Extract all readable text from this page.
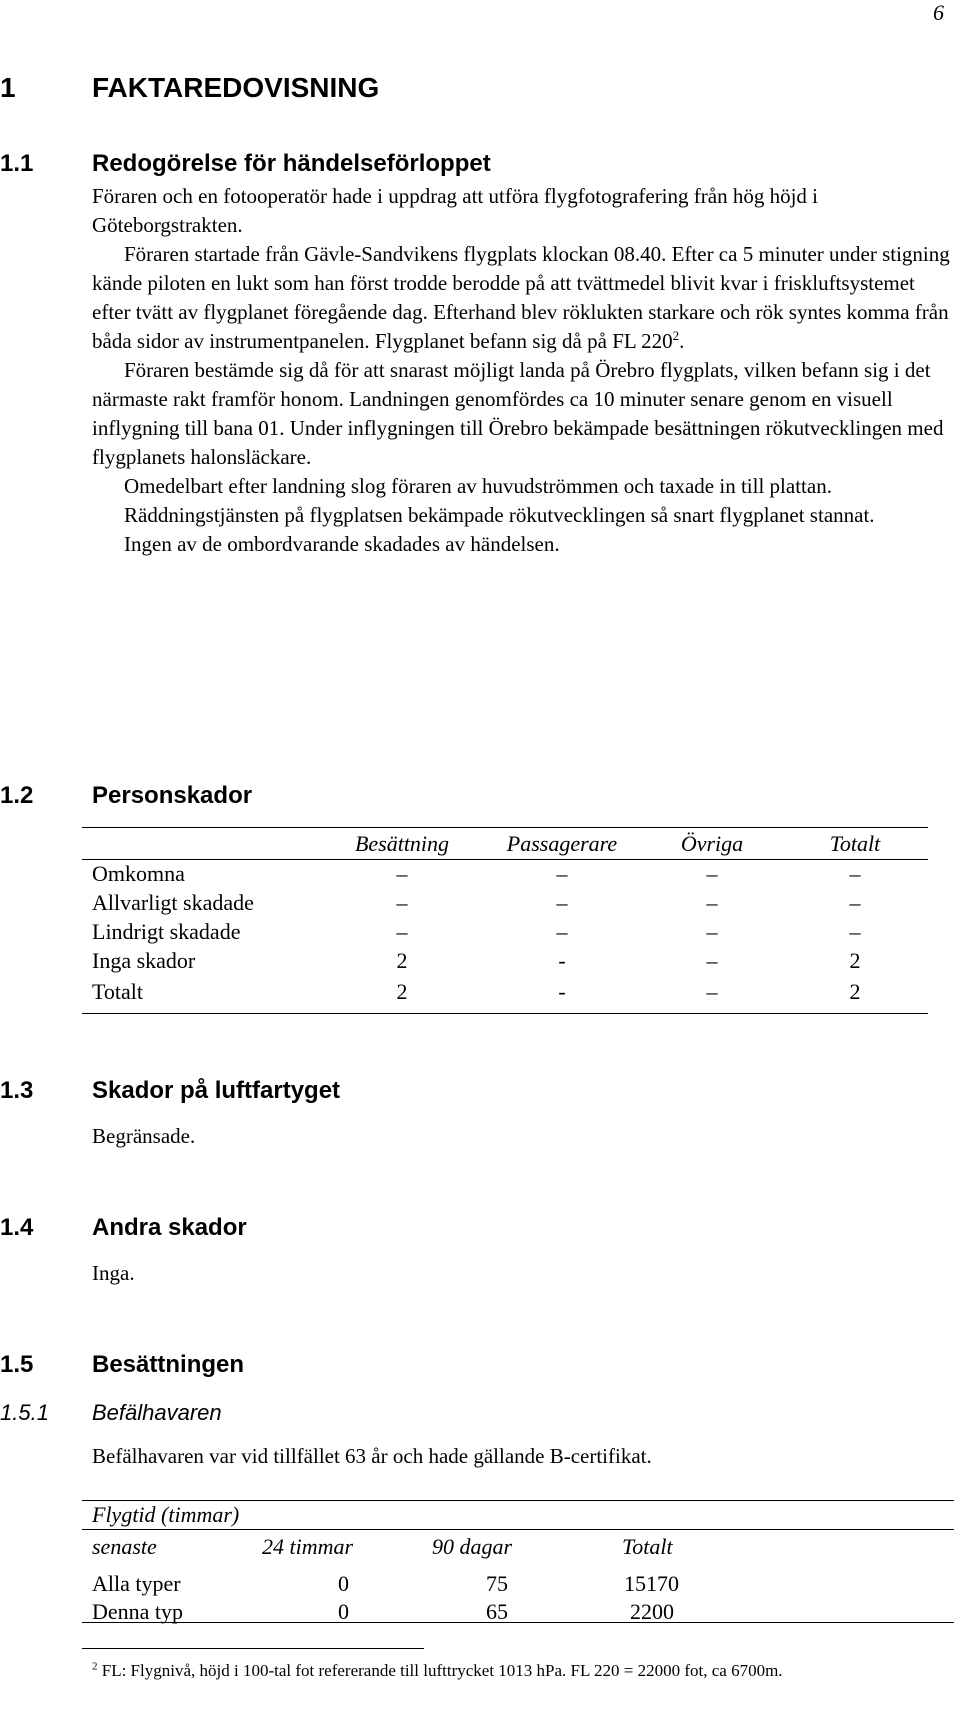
6
1	FAKTAREDOVISNING
1.1 Redogörelse för händelseförloppet

Föraren och en fotooperatör hade i uppdrag att utföra flygfotografering från hög höjd i Göteborgstrakten.

Föraren startade från Gävle-Sandvikens flygplats klockan 08.40. Efter ca 5 minuter under stigning kände piloten en lukt som han först trodde berodde på att tvättmedel blivit kvar i friskluftsystemet efter tvätt av flygplanet föregående dag. Efterhand blev röklukten starkare och rök syntes komma från båda sidor av instrumentpanelen. Flygplanet befann sig då på FL $220^2$.

Föraren bestämde sig då för att snarast möjligt landa på Örebro flygplats, vilken befann sig i det närmaste rakt framför honom. Landningen genomfördes ca 10 minuter senare genom en visuell inflygning till bana 01. Under inflygningen till Örebro bekämpade besättningen rökutvecklingen med flygplanets halonsläckare.

Omedelbart efter landning slog föraren av huvudströmmen och taxade in till plattan.

Räddningstjänsten på flygplatsen bekämpade rökutvecklingen så snart flygplanet stannat.

Ingen av de ombordvarande skadades av händelsen.

1.2 Personskador
	Besättning	Passagerare	Övriga	Totalt
Omkomna	–	–	–	–
Allvarligt skadade	–	–	–	–
Lindrigt skadade	–	–	–	–
Inga skador	2	-	–	2
Totalt	2	-	–	2
1.3 Skador på luftfartyget
Begränsade.
1.4 Andra skador
Inga.
1.5 Besättningen
1.5.1 Befälhavaren
Befälhavaren var vid tillfället 63 år och hade gällande B-certifikat.
Flygtid (timmar)
senaste	24 timmar	90 dagar	Totalt
Alla typer	0	75	15170
Denna typ	0	65	2200
$^2$ FL: Flygnivå, höjd i 100-tal fot refererande till lufttrycket 1013 hPa. FL 220 = 22000 fot, ca 6700m.
